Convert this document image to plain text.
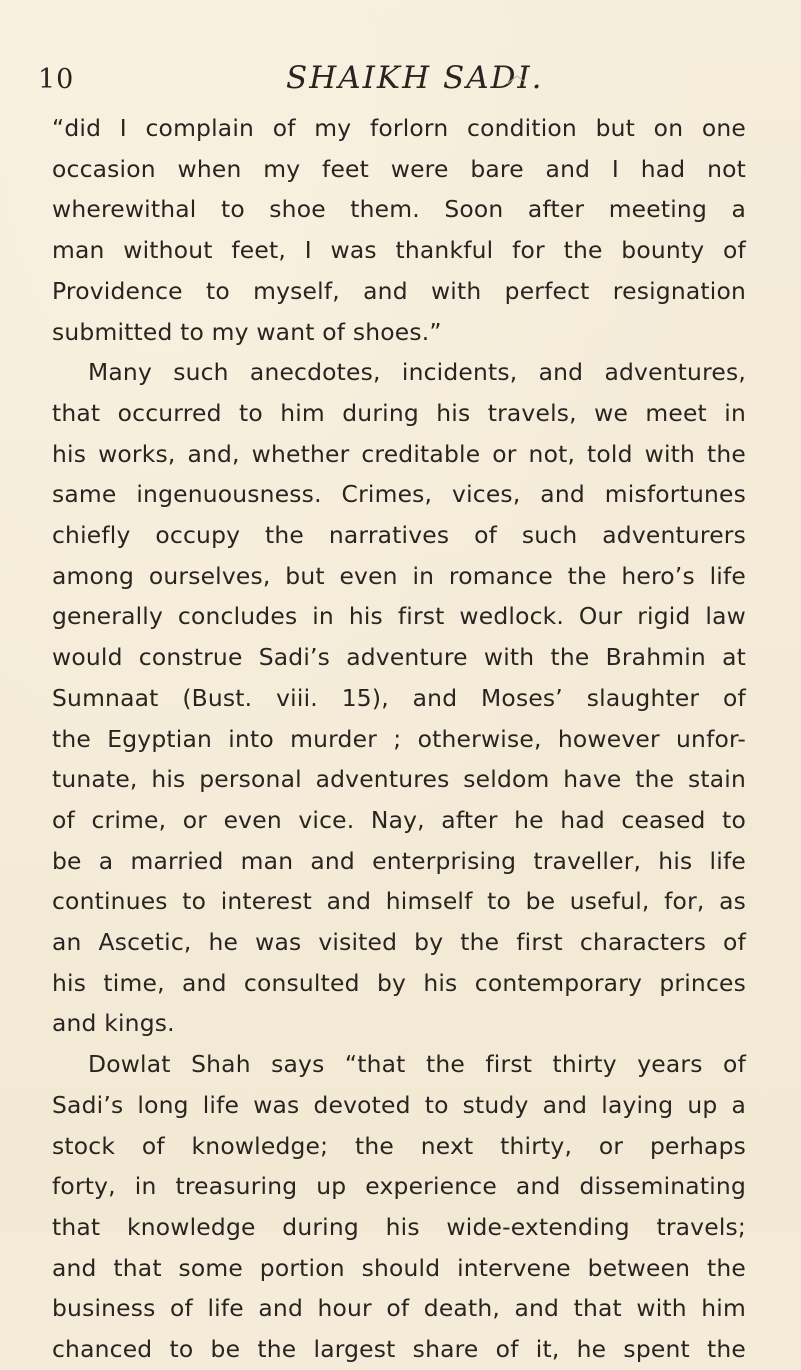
10	SHAIKH SADI.
“did I complain of my forlorn condition but on one
occasion when my feet were bare and I had not
wherewithal to shoe them. Soon after meeting a
man without feet, I was thankful for the bounty of
Providence to myself, and with perfect resignation
submitted to my want of shoes.”
Many such anecdotes, incidents, and adventures,
that occurred to him during his travels, we meet in
his works, and, whether creditable or not, told with the
same ingenuousness. Crimes, vices, and misfortunes
chiefly occupy the narratives of such adventurers
among ourselves, but even in romance the hero’s life
generally concludes in his first wedlock. Our rigid law
would construe Sadi’s adventure with the Brahmin at
Sumnaat (Bust. viii. 15), and Moses’ slaughter of
the Egyptian into murder ; otherwise, however unfor-
tunate, his personal adventures seldom have the stain
of crime, or even vice. Nay, after he had ceased to
be a married man and enterprising traveller, his life
continues to interest and himself to be useful, for, as
an Ascetic, he was visited by the first characters of
his time, and consulted by his contemporary princes
and kings.
Dowlat Shah says “that the first thirty years of
Sadi’s long life was devoted to study and laying up a
stock of knowledge; the next thirty, or perhaps
forty, in treasuring up experience and disseminating
that knowledge during his wide-extending travels;
and that some portion should intervene between the
business of life and hour of death, and that with him
chanced to be the largest share of it, he spent the
